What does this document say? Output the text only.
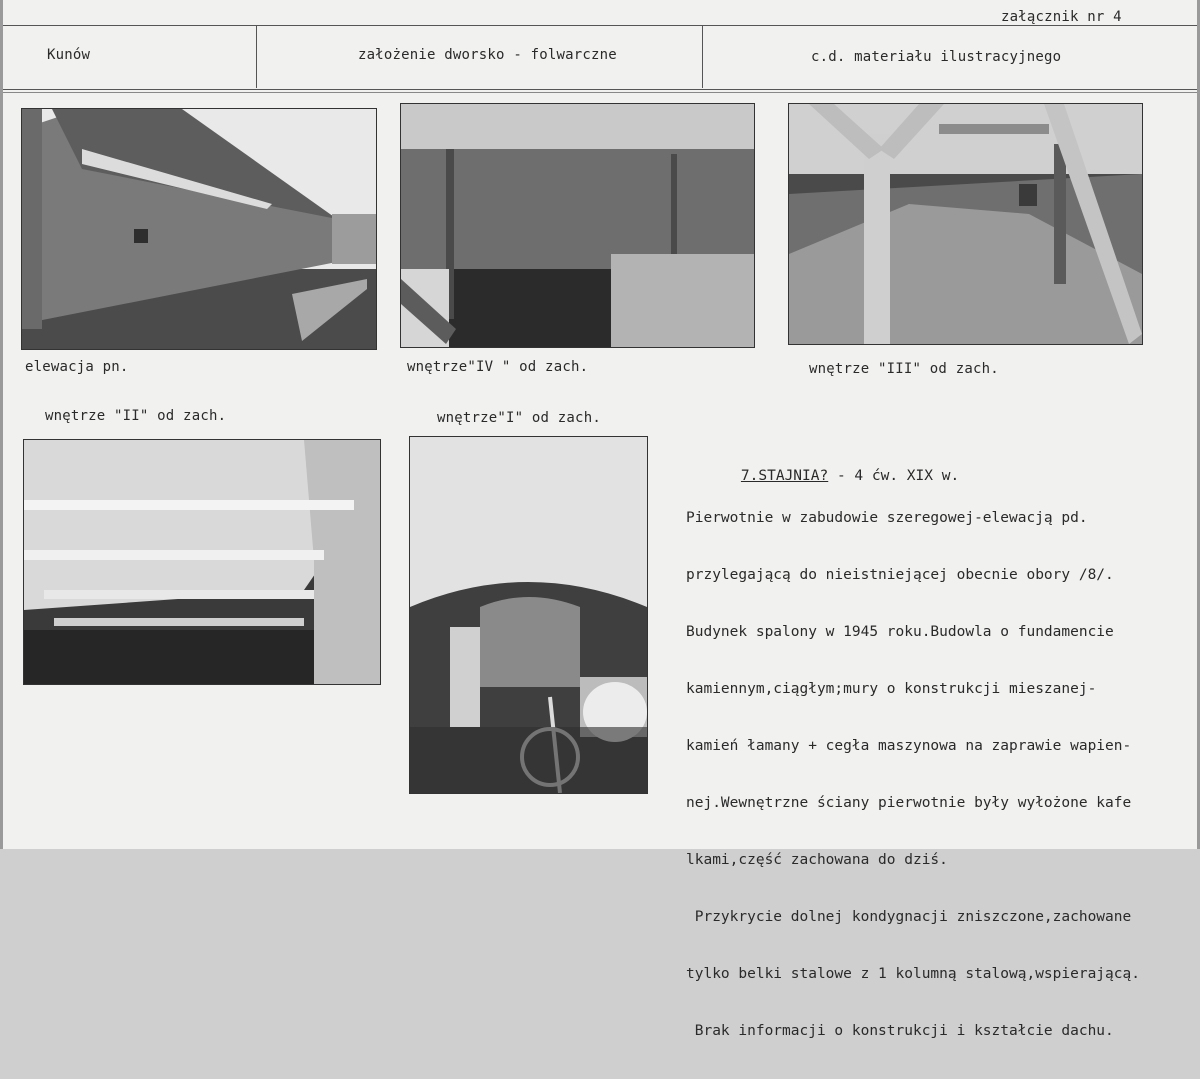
załącznik nr 4
Kunów	założenie dworsko - folwarczne	c.d. materiału ilustracyjnego
elewacja pn.	wnętrze"IV " od zach.	wnętrze "III" od zach.
wnętrze "II" od zach.	wnętrze"I" od zach.

7.STAJNIA? - 4 ćw. XIX w.

Pierwotnie w zabudowie szeregowej-elewacją pd.

przylegającą do nieistniejącej obecnie obory /8/.

Budynek spalony w 1945 roku.Budowla o fundamencie

kamiennym,ciągłym;mury o konstrukcji mieszanej-

kamień łamany + cegła maszynowa na zaprawie wapien-

nej.Wewnętrzne ściany pierwotnie były wyłożone kafe

lkami,część zachowana do dziś.

Przykrycie dolnej kondygnacji zniszczone,zachowane

tylko belki stalowe z 1 kolumną stalową,wspierającą.

Brak informacji o konstrukcji i kształcie dachu.
